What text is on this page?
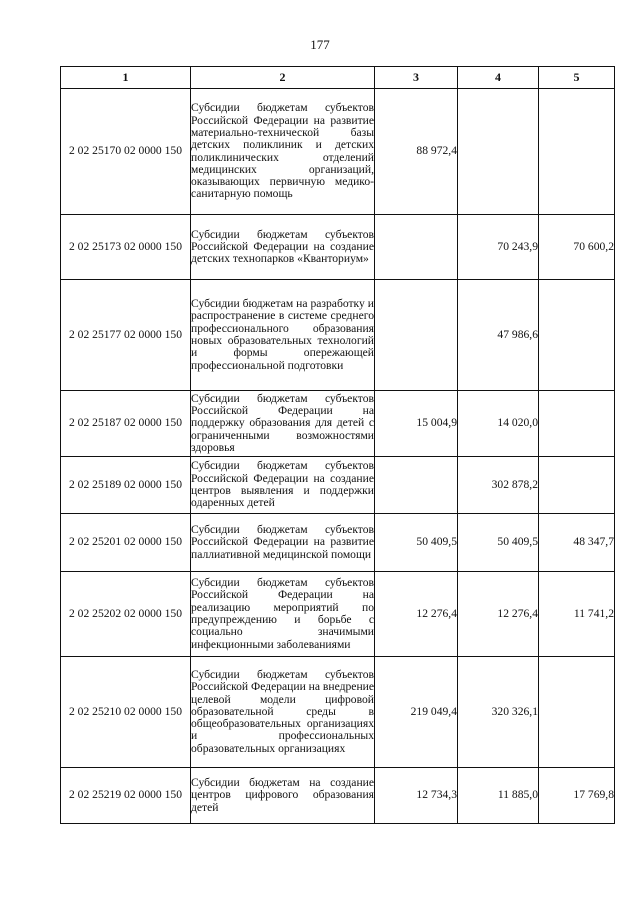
177
1	2	3	4	5
2 02 25170 02 0000 150	Субсидии бюджетам субъектов Российской Федерации на развитие материально-технической базы детских поликлиник и детских поликлинических отделений медицинских организаций, оказывающих первичную медико-санитарную помощь	88 972,4		
2 02 25173 02 0000 150	Субсидии бюджетам субъектов Российской Федерации на создание детских технопарков «Кванториум»		70 243,9	70 600,2
2 02 25177 02 0000 150	Субсидии бюджетам на разработку и распространение в системе среднего профессионального образования новых образовательных технологий и формы опережающей профессиональной подготовки		47 986,6	
2 02 25187 02 0000 150	Субсидии бюджетам субъектов Российской Федерации на поддержку образования для детей с ограниченными возможностями здоровья	15 004,9	14 020,0	
2 02 25189 02 0000 150	Субсидии бюджетам субъектов Российской Федерации на создание центров выявления и поддержки одаренных детей		302 878,2	
2 02 25201 02 0000 150	Субсидии бюджетам субъектов Российской Федерации на развитие паллиативной медицинской помощи	50 409,5	50 409,5	48 347,7
2 02 25202 02 0000 150	Субсидии бюджетам субъектов Российской Федерации на реализацию мероприятий по предупреждению и борьбе с социально значимыми инфекционными заболеваниями	12 276,4	12 276,4	11 741,2
2 02 25210 02 0000 150	Субсидии бюджетам субъектов Российской Федерации на внедрение целевой модели цифровой образовательной среды в общеобразовательных организациях и профессиональных образовательных организациях	219 049,4	320 326,1	
2 02 25219 02 0000 150	Субсидии бюджетам на создание центров цифрового образования детей	12 734,3	11 885,0	17 769,8
